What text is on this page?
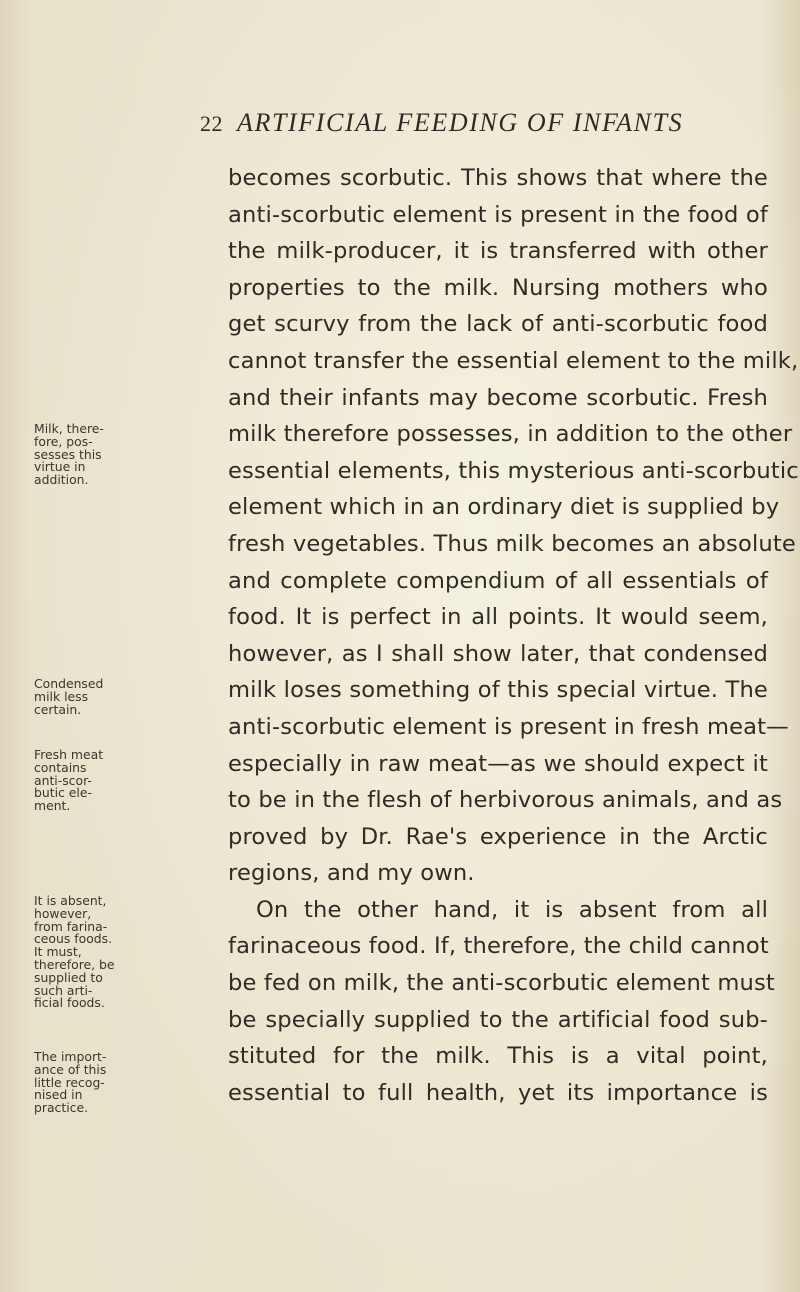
22 ARTIFICIAL FEEDING OF INFANTS
Milk, there-
fore, pos-
sesses this
virtue in
addition.
Condensed
milk less
certain.
Fresh meat
contains
anti-scor-
butic ele-
ment.
It is absent,
however,
from farina-
ceous foods.
It must,
therefore, be
supplied to
such arti-
ficial foods.
The import-
ance of this
little recog-
nised in
practice.
becomes scorbutic. This shows that where the
anti-scorbutic element is present in the food of
the milk-producer, it is transferred with other
properties to the milk. Nursing mothers who
get scurvy from the lack of anti-scorbutic food
cannot transfer the essential element to the milk,
and their infants may become scorbutic. Fresh
milk therefore possesses, in addition to the other
essential elements, this mysterious anti-scorbutic
element which in an ordinary diet is supplied by
fresh vegetables. Thus milk becomes an absolute
and complete compendium of all essentials of
food. It is perfect in all points. It would seem,
however, as I shall show later, that condensed
milk loses something of this special virtue. The
anti-scorbutic element is present in fresh meat—
especially in raw meat—as we should expect it
to be in the flesh of herbivorous animals, and as
proved by Dr. Rae's experience in the Arctic
regions, and my own.
On the other hand, it is absent from all
farinaceous food. If, therefore, the child cannot
be fed on milk, the anti-scorbutic element must
be specially supplied to the artificial food sub-
stituted for the milk. This is a vital point,
essential to full health, yet its importance is
